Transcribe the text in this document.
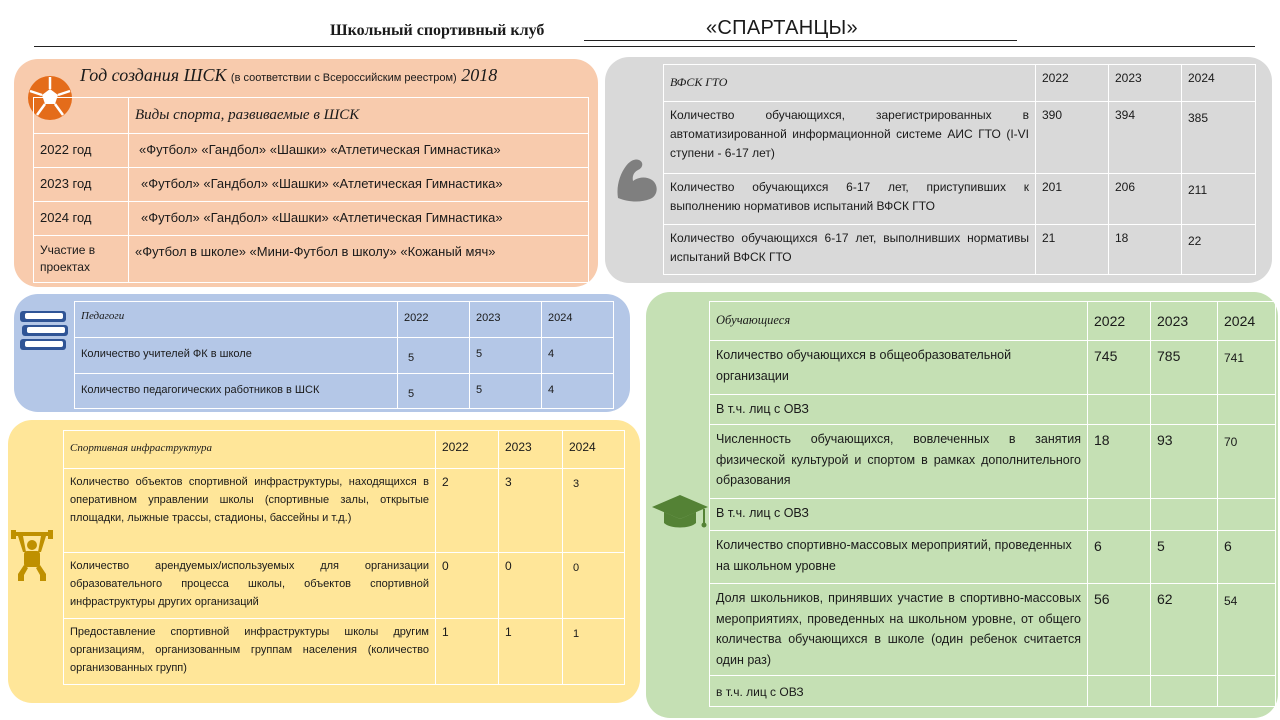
Школьный спортивный клуб	«СПАРТАНЦЫ»
Год создания ШСК (в соответствии с Всероссийским реестром) 2018
	Виды спорта, развиваемые в ШСК
2022 год	«Футбол» «Гандбол» «Шашки» «Атлетическая Гимнастика»
2023 год	«Футбол» «Гандбол» «Шашки» «Атлетическая Гимнастика»
2024 год	«Футбол» «Гандбол» «Шашки» «Атлетическая Гимнастика»
Участие в проектах	«Футбол в школе» «Мини-Футбол в школу» «Кожаный мяч»
ВФСК ГТО	2022	2023	2024
Количество обучающихся, зарегистрированных в автоматизированной информационной системе АИС ГТО (I-VI ступени - 6-17 лет)	390	394	385
Количество обучающихся 6-17 лет, приступивших к выполнению нормативов испытаний ВФСК ГТО	201	206	211
Количество обучающихся 6-17 лет, выполнивших нормативы испытаний ВФСК ГТО	21	18	22
Педагоги	2022	2023	2024
Количество учителей ФК в школе	5	5	4
Количество педагогических работников в ШСК	5	5	4
Спортивная инфраструктура	2022	2023	2024
Количество объектов спортивной инфраструктуры, находящихся в оперативном управлении школы (спортивные залы, открытые площадки, лыжные трассы, стадионы, бассейны и т.д.)	2	3	3
Количество арендуемых/используемых для организации образовательного процесса школы, объектов спортивной инфраструктуры других организаций	0	0	0
Предоставление спортивной инфраструктуры школы другим организациям, организованным группам населения (количество организованных групп)	1	1	1
Обучающиеся	2022	2023	2024
Количество обучающихся в общеобразовательной организации	745	785	741
В т.ч. лиц с ОВЗ			
Численность обучающихся, вовлеченных в занятия физической культурой и спортом в рамках дополнительного образования	18	93	70
В т.ч. лиц с ОВЗ			
Количество спортивно-массовых мероприятий, проведенных на школьном уровне	6	5	6
Доля школьников, принявших участие в спортивно-массовых мероприятиях, проведенных на школьном уровне, от общего количества обучающихся в школе (один ребенок считается один раз)	56	62	54
в т.ч. лиц с ОВЗ			
